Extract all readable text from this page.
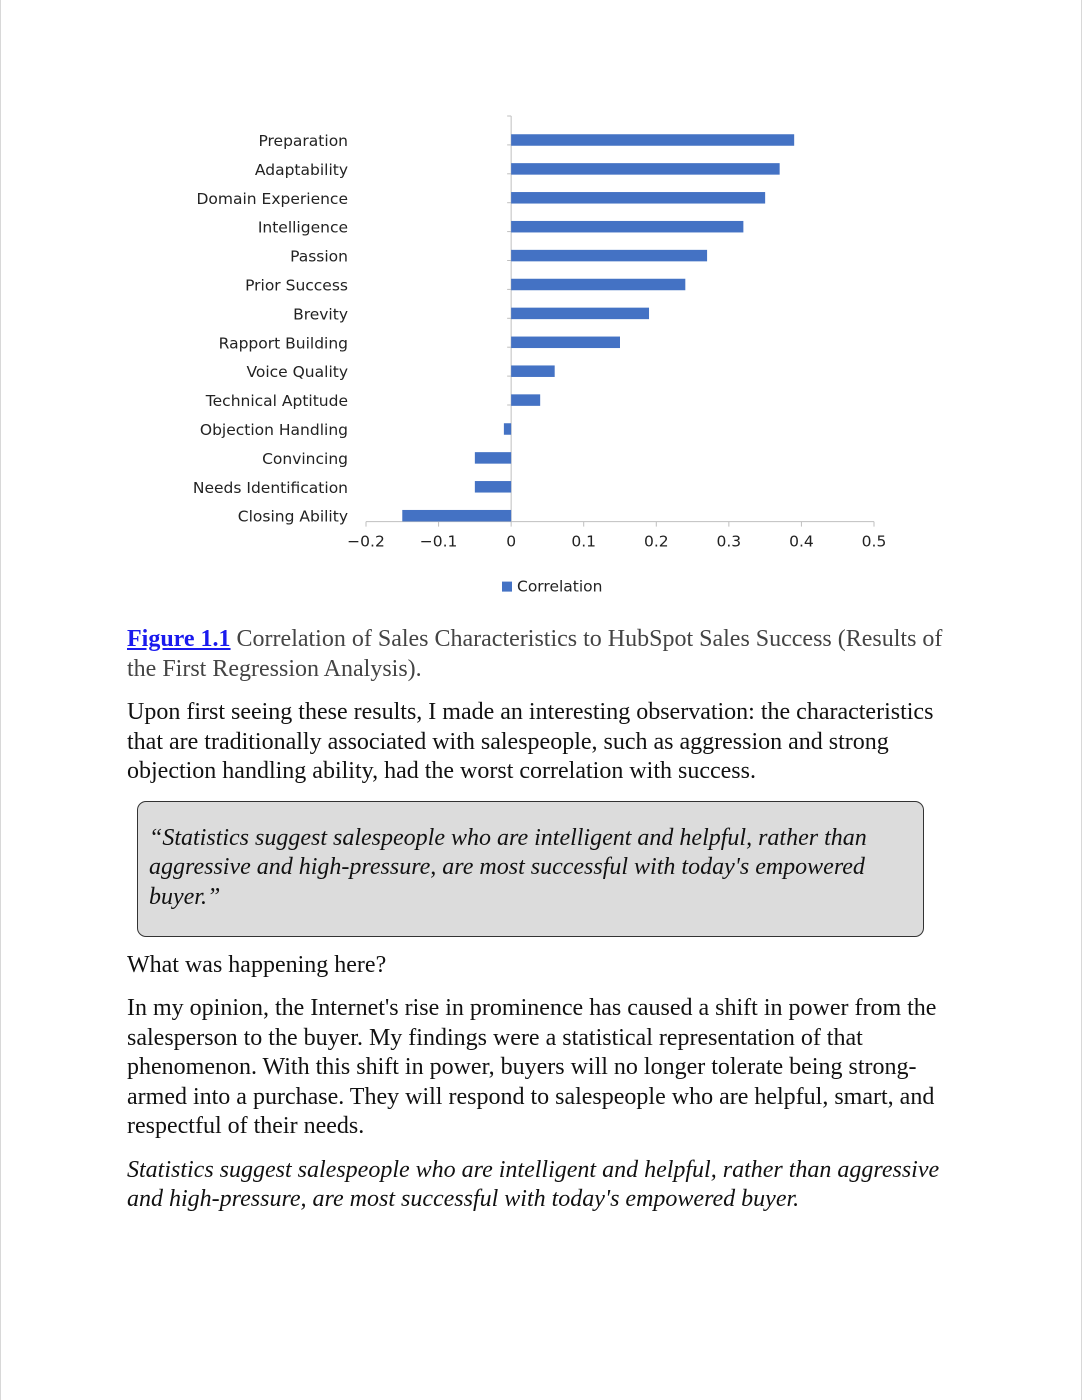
Preparation
Adaptability
Domain Experience
Intelligence
Passion
Prior Success
Brevity
Rapport Building
Voice Quality
Technical Aptitude
Objection Handling
Convincing
Needs Identification
Closing Ability
−0.2 −0.1	0	0.1	0.2	0.3	0.4	0.5
Correlation

Figure 1.1 Correlation of Sales Characteristics to HubSpot Sales Success (Results of the First Regression Analysis).

Upon first seeing these results, I made an interesting observation: the characteristics that are traditionally associated with salespeople, such as aggression and strong objection handling ability, had the worst correlation with success.

“Statistics suggest salespeople who are intelligent and helpful, rather than aggressive and high-pressure, are most successful with today's empowered buyer.”

What was happening here?

In my opinion, the Internet's rise in prominence has caused a shift in power from the salesperson to the buyer. My findings were a statistical representation of that phenomenon. With this shift in power, buyers will no longer tolerate being strong-armed into a purchase. They will respond to salespeople who are helpful, smart, and respectful of their needs.

Statistics suggest salespeople who are intelligent and helpful, rather than aggressive and high-pressure, are most successful with today's empowered buyer.
